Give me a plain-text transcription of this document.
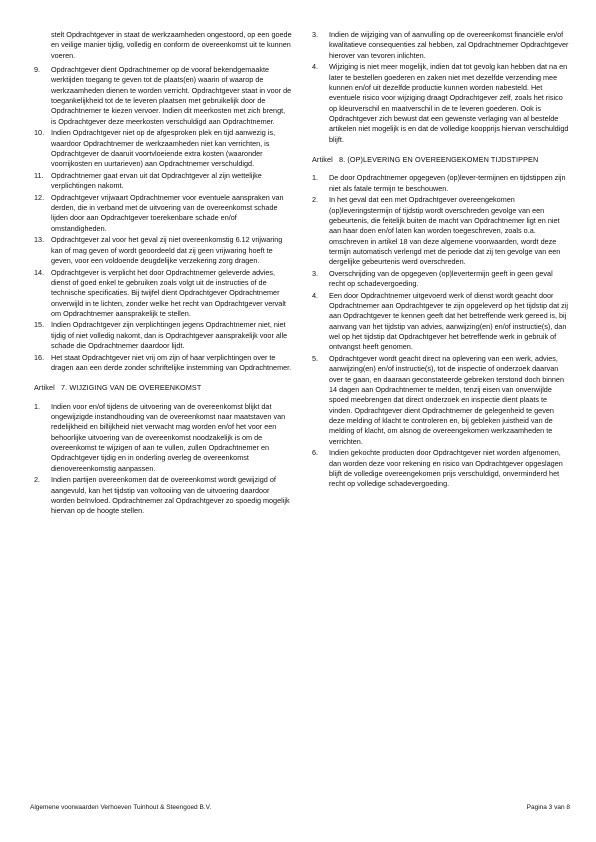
stelt Opdrachtgever in staat de werkzaamheden ongestoord, op een goede en veilige manier tijdig, volledig en conform de overeenkomst uit te kunnen voeren.
9. Opdrachtgever dient Opdrachtnemer op de vooraf bekendgemaakte werktijden toegang te geven tot de plaats(en) waarin of waarop de werkzaamheden dienen te worden verricht. Opdrachtgever staat in voor de toegankelijkheid tot de te leveren plaatsen met gebruikelijk door de Opdrachtnemer te kiezen vervoer. Indien dit meerkosten met zich brengt, is Opdrachtgever deze meerkosten verschuldigd aan Opdrachtnemer.
10. Indien Opdrachtgever niet op de afgesproken plek en tijd aanwezig is, waardoor Opdrachtnemer de werkzaamheden niet kan verrichten, is Opdrachtgever de daaruit voortvloeiende extra kosten (waaronder voorrijkosten en uurtarieven) aan Opdrachtnemer verschuldigd.
11. Opdrachtnemer gaat ervan uit dat Opdrachtgever al zijn wettelijke verplichtingen nakomt.
12. Opdrachtgever vrijwaart Opdrachtnemer voor eventuele aanspraken van derden, die in verband met de uitvoering van de overeenkomst schade lijden door aan Opdrachtgever toerekenbare schade en/of omstandigheden.
13. Opdrachtgever zal voor het geval zij niet overeenkomstig 6.12 vrijwaring kan of mag geven of wordt geoordeeld dat zij geen vrijwaring hoeft te geven, voor een voldoende deugdelijke verzekering zorg dragen.
14. Opdrachtgever is verplicht het door Opdrachtnemer geleverde advies, dienst of goed enkel te gebruiken zoals volgt uit de instructies of de technische specificaties. Bij twijfel dient Opdrachtgever Opdrachtnemer onverwijld in te lichten, zonder welke het recht van Opdrachtgever vervalt om Opdrachtnemer aansprakelijk te stellen.
15. Indien Opdrachtgever zijn verplichtingen jegens Opdrachtnemer niet, niet tijdig of niet volledig nakomt, dan is Opdrachtgever aansprakelijk voor alle schade die Opdrachtnemer daardoor lijdt.
16. Het staat Opdrachtgever niet vrij om zijn of haar verplichtingen over te dragen aan een derde zonder schriftelijke instemming van Opdrachtnemer.
Artikel 7. WIJZIGING VAN DE OVEREENKOMST
1. Indien voor en/of tijdens de uitvoering van de overeenkomst blijkt dat ongewijzigde instandhouding van de overeenkomst naar maatstaven van redelijkheid en billijkheid niet verwacht mag worden en/of het voor een behoorlijke uitvoering van de overeenkomst noodzakelijk is om de overeenkomst te wijzigen of aan te vullen, zullen Opdrachtnemer en Opdrachtgever tijdig en in onderling overleg de overeenkomst dienovereenkomstig aanpassen.
2. Indien partijen overeenkomen dat de overeenkomst wordt gewijzigd of aangevuld, kan het tijdstip van voltooiing van de uitvoering daardoor worden beïnvloed. Opdrachtnemer zal Opdrachtgever zo spoedig mogelijk hiervan op de hoogte stellen.
3. Indien de wijziging van of aanvulling op de overeenkomst financiële en/of kwalitatieve consequenties zal hebben, zal Opdrachtnemer Opdrachtgever hierover van tevoren inlichten.
4. Wijziging is niet meer mogelijk, indien dat tot gevolg kan hebben dat na en later te bestellen goederen en zaken niet met dezelfde verzending mee kunnen en/of uit dezelfde productie kunnen worden nabesteld. Het eventuele risico voor wijziging draagt Opdrachtgever zelf, zoals het risico op kleurverschil en maatverschil in de te leveren goederen. Ook is Opdrachtgever zich bewust dat een gewenste verlaging van al bestelde artikelen niet mogelijk is en dat de volledige koopprijs hiervan verschuldigd blijft.
Artikel 8. (OP)LEVERING EN OVEREENGEKOMEN TIJDSTIPPEN
1. De door Opdrachtnemer opgegeven (op)lever-termijnen en tijdstippen zijn niet als fatale termijn te beschouwen.
2. In het geval dat een met Opdrachtgever overeengekomen (op)leveringstermijn of tijdstip wordt overschreden gevolge van een gebeurtenis, die feitelijk buiten de macht van Opdrachtnemer ligt en niet aan haar doen en/of laten kan worden toegeschreven, zoals o.a. omschreven in artikel 18 van deze algemene voorwaarden, wordt deze termijn automatisch verlengd met de periode dat zij ten gevolge van een dergelijke gebeurtenis werd overschreden.
3. Overschrijding van de opgegeven (op)levertermijn geeft in geen geval recht op schadevergoeding.
4. Een door Opdrachtnemer uitgevoerd werk of dienst wordt geacht door Opdrachtnemer aan Opdrachtgever te zijn opgeleverd op het tijdstip dat zij aan Opdrachtgever te kennen geeft dat het betreffende werk gereed is, bij aanvang van het tijdstip van advies, aanwijzing(en) en/of instructie(s), dan wel op het tijdstip dat Opdrachtgever het betreffende werk in gebruik of ontvangst heeft genomen.
5. Opdrachtgever wordt geacht direct na oplevering van een werk, advies, aanwijzing(en) en/of instructie(s), tot de inspectie of onderzoek daarvan over te gaan, en daaraan geconstateerde gebreken terstond doch binnen 14 dagen aan Opdrachtnemer te melden, tenzij eisen van onverwijlde spoed meebrengen dat direct onderzoek en inspectie dient plaats te vinden. Opdrachtgever dient Opdrachtnemer de gelegenheid te geven deze melding of klacht te controleren en, bij gebleken juistheid van de melding of klacht, om alsnog de overeengekomen werkzaamheden te verrichten.
6. Indien gekochte producten door Opdrachtgever niet worden afgenomen, dan worden deze voor rekening en risico van Opdrachtgever opgeslagen blijft de volledige overeengekomen prijs verschuldigd, onverminderd het recht op volledige schadevergoeding.
Algemene voorwaarden Verhoeven Tuinhout & Steengoed B.V.	Pagina 3 van 8
